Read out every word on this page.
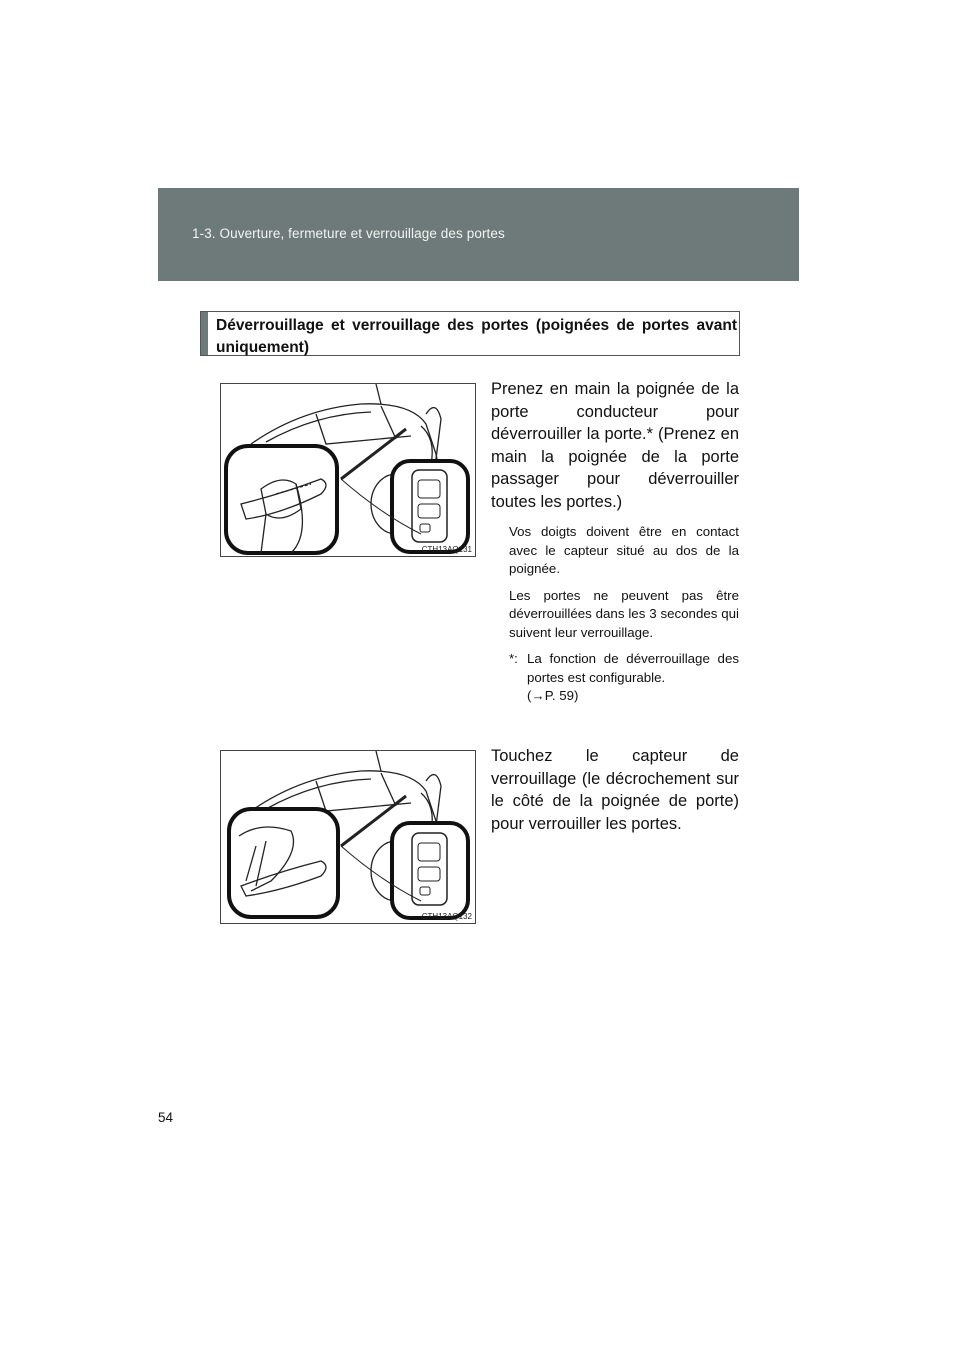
1-3. Ouverture, fermeture et verrouillage des portes
Déverrouillage et verrouillage des portes (poignées de portes avant uniquement)
CTH13AQ131
CTH13AQ132

Prenez en main la poignée de la porte conducteur pour déverrouiller la porte.* (Prenez en main la poignée de la porte passager pour déverrouiller toutes les portes.)

Vos doigts doivent être en contact avec le capteur situé au dos de la poignée.

Les portes ne peuvent pas être déverrouillées dans les 3 secondes qui suivent leur verrouillage.

*: La fonction de déverrouillage des portes est configurable.

(→P. 59)

Touchez le capteur de verrouillage (le décrochement sur le côté de la poignée de porte) pour verrouiller les portes.

54
